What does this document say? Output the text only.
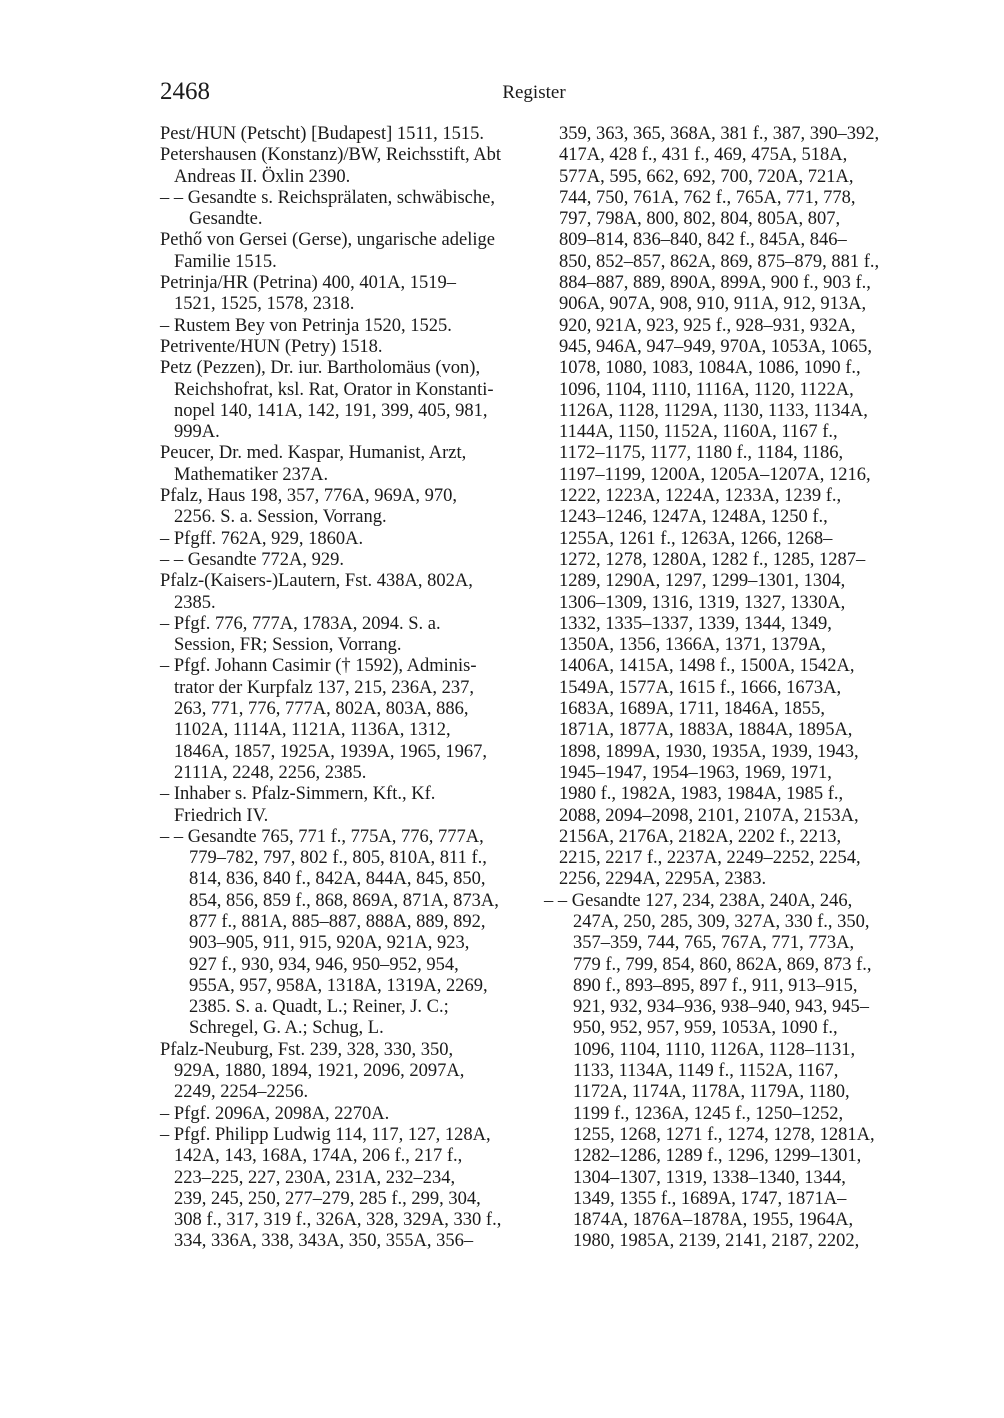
2468	Register
Pest/HUN (Petscht) [Budapest] 1511, 1515.
Petershausen (Konstanz)/BW, Reichsstift, Abt
Andreas II. Öxlin 2390.
– – Gesandte s. Reichsprälaten, schwäbische,
Gesandte.
Pethő von Gersei (Gerse), ungarische adelige
Familie 1515.
Petrinja/HR (Petrina) 400, 401A, 1519–
1521, 1525, 1578, 2318.
– Rustem Bey von Petrinja 1520, 1525.
Petrivente/HUN (Petry) 1518.
Petz (Pezzen), Dr. iur. Bartholomäus (von),
Reichshofrat, ksl. Rat, Orator in Konstanti-
nopel 140, 141A, 142, 191, 399, 405, 981,
999A.
Peucer, Dr. med. Kaspar, Humanist, Arzt,
Mathematiker 237A.
Pfalz, Haus 198, 357, 776A, 969A, 970,
2256. S. a. Session, Vorrang.
– Pfgff. 762A, 929, 1860A.
– – Gesandte 772A, 929.
Pfalz-(Kaisers-)Lautern, Fst. 438A, 802A,
2385.
– Pfgf. 776, 777A, 1783A, 2094. S. a.
Session, FR; Session, Vorrang.
– Pfgf. Johann Casimir († 1592), Adminis-
trator der Kurpfalz 137, 215, 236A, 237,
263, 771, 776, 777A, 802A, 803A, 886,
1102A, 1114A, 1121A, 1136A, 1312,
1846A, 1857, 1925A, 1939A, 1965, 1967,
2111A, 2248, 2256, 2385.
– Inhaber s. Pfalz-Simmern, Kft., Kf.
Friedrich IV.
– – Gesandte 765, 771 f., 775A, 776, 777A,
779–782, 797, 802 f., 805, 810A, 811 f.,
814, 836, 840 f., 842A, 844A, 845, 850,
854, 856, 859 f., 868, 869A, 871A, 873A,
877 f., 881A, 885–887, 888A, 889, 892,
903–905, 911, 915, 920A, 921A, 923,
927 f., 930, 934, 946, 950–952, 954,
955A, 957, 958A, 1318A, 1319A, 2269,
2385. S. a. Quadt, L.; Reiner, J. C.;
Schregel, G. A.; Schug, L.
Pfalz-Neuburg, Fst. 239, 328, 330, 350,
929A, 1880, 1894, 1921, 2096, 2097A,
2249, 2254–2256.
– Pfgf. 2096A, 2098A, 2270A.
– Pfgf. Philipp Ludwig 114, 117, 127, 128A,
142A, 143, 168A, 174A, 206 f., 217 f.,
223–225, 227, 230A, 231A, 232–234,
239, 245, 250, 277–279, 285 f., 299, 304,
308 f., 317, 319 f., 326A, 328, 329A, 330 f.,
334, 336A, 338, 343A, 350, 355A, 356–
359, 363, 365, 368A, 381 f., 387, 390–392,
417A, 428 f., 431 f., 469, 475A, 518A,
577A, 595, 662, 692, 700, 720A, 721A,
744, 750, 761A, 762 f., 765A, 771, 778,
797, 798A, 800, 802, 804, 805A, 807,
809–814, 836–840, 842 f., 845A, 846–
850, 852–857, 862A, 869, 875–879, 881 f.,
884–887, 889, 890A, 899A, 900 f., 903 f.,
906A, 907A, 908, 910, 911A, 912, 913A,
920, 921A, 923, 925 f., 928–931, 932A,
945, 946A, 947–949, 970A, 1053A, 1065,
1078, 1080, 1083, 1084A, 1086, 1090 f.,
1096, 1104, 1110, 1116A, 1120, 1122A,
1126A, 1128, 1129A, 1130, 1133, 1134A,
1144A, 1150, 1152A, 1160A, 1167 f.,
1172–1175, 1177, 1180 f., 1184, 1186,
1197–1199, 1200A, 1205A–1207A, 1216,
1222, 1223A, 1224A, 1233A, 1239 f.,
1243–1246, 1247A, 1248A, 1250 f.,
1255A, 1261 f., 1263A, 1266, 1268–
1272, 1278, 1280A, 1282 f., 1285, 1287–
1289, 1290A, 1297, 1299–1301, 1304,
1306–1309, 1316, 1319, 1327, 1330A,
1332, 1335–1337, 1339, 1344, 1349,
1350A, 1356, 1366A, 1371, 1379A,
1406A, 1415A, 1498 f., 1500A, 1542A,
1549A, 1577A, 1615 f., 1666, 1673A,
1683A, 1689A, 1711, 1846A, 1855,
1871A, 1877A, 1883A, 1884A, 1895A,
1898, 1899A, 1930, 1935A, 1939, 1943,
1945–1947, 1954–1963, 1969, 1971,
1980 f., 1982A, 1983, 1984A, 1985 f.,
2088, 2094–2098, 2101, 2107A, 2153A,
2156A, 2176A, 2182A, 2202 f., 2213,
2215, 2217 f., 2237A, 2249–2252, 2254,
2256, 2294A, 2295A, 2383.
– – Gesandte 127, 234, 238A, 240A, 246,
247A, 250, 285, 309, 327A, 330 f., 350,
357–359, 744, 765, 767A, 771, 773A,
779 f., 799, 854, 860, 862A, 869, 873 f.,
890 f., 893–895, 897 f., 911, 913–915,
921, 932, 934–936, 938–940, 943, 945–
950, 952, 957, 959, 1053A, 1090 f.,
1096, 1104, 1110, 1126A, 1128–1131,
1133, 1134A, 1149 f., 1152A, 1167,
1172A, 1174A, 1178A, 1179A, 1180,
1199 f., 1236A, 1245 f., 1250–1252,
1255, 1268, 1271 f., 1274, 1278, 1281A,
1282–1286, 1289 f., 1296, 1299–1301,
1304–1307, 1319, 1338–1340, 1344,
1349, 1355 f., 1689A, 1747, 1871A–
1874A, 1876A–1878A, 1955, 1964A,
1980, 1985A, 2139, 2141, 2187, 2202,
